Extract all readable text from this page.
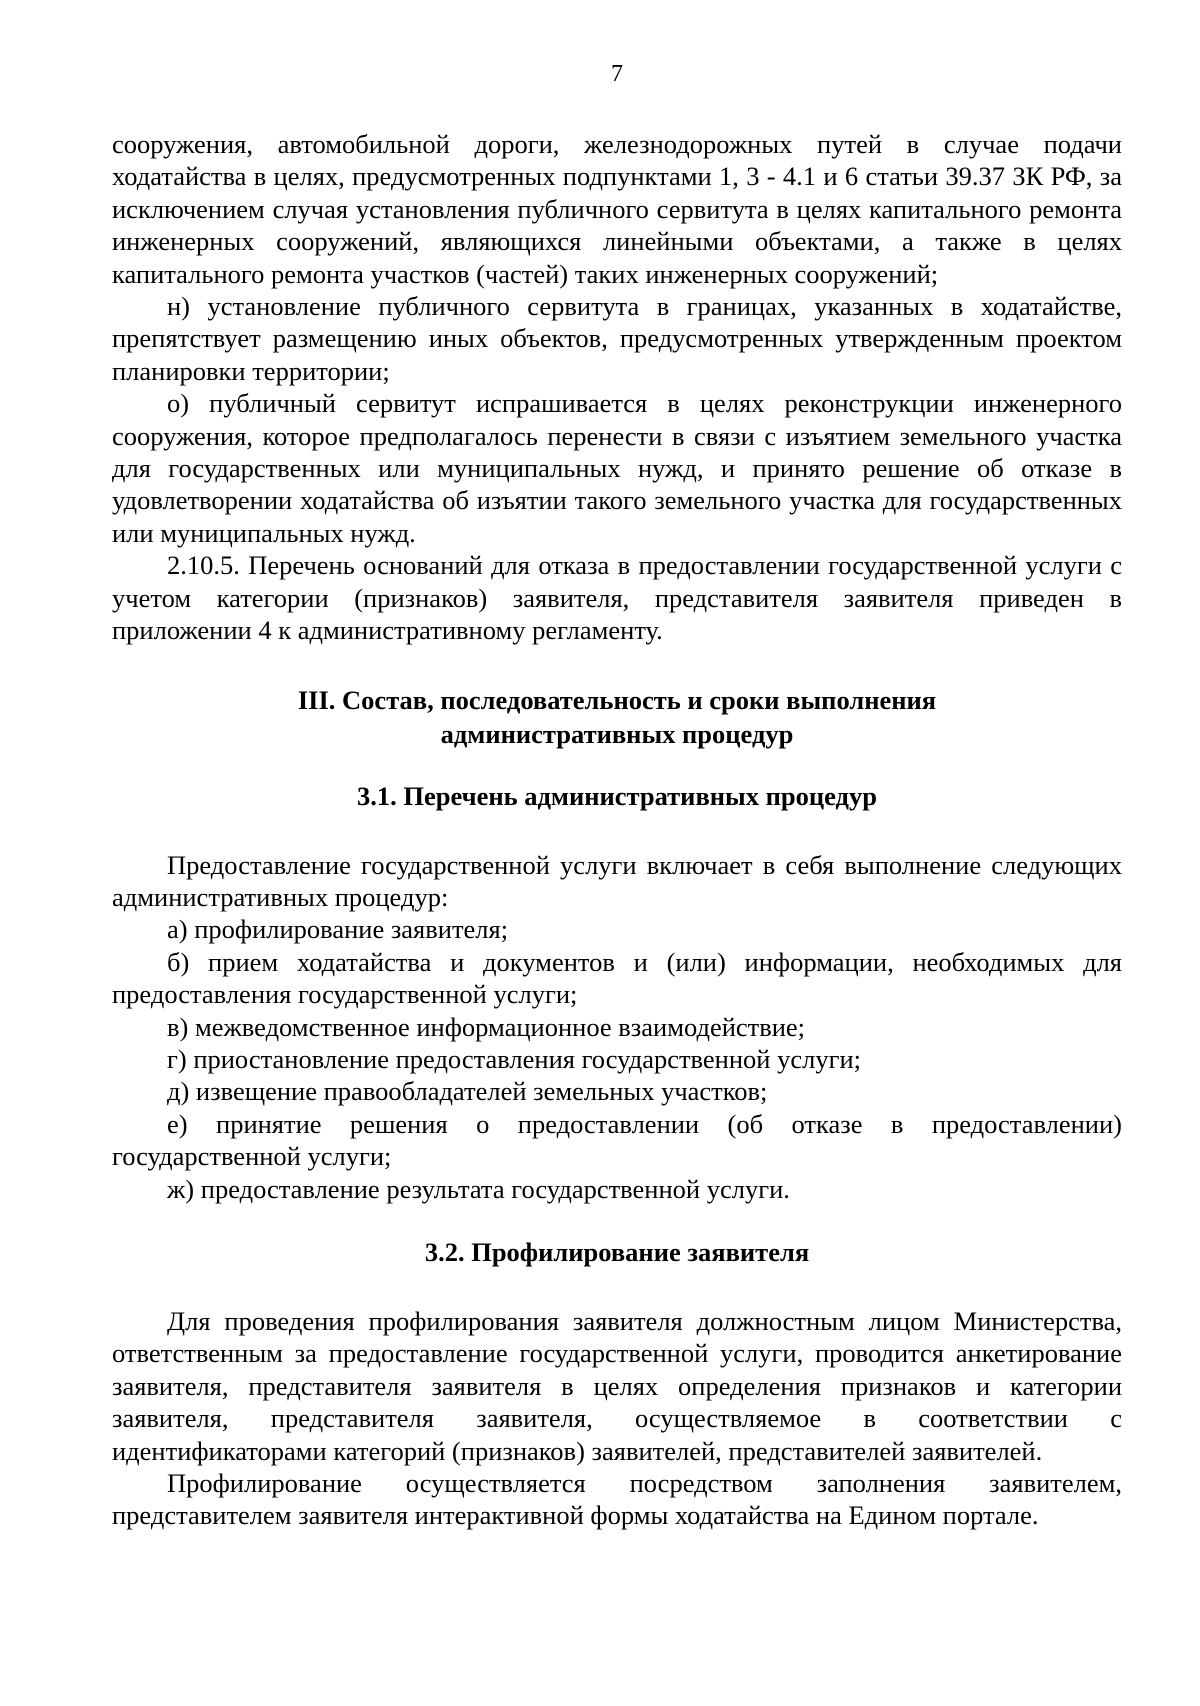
7

сооружения, автомобильной дороги, железнодорожных путей в случае подачи ходатайства в целях, предусмотренных подпунктами 1, 3 - 4.1 и 6 статьи 39.37 ЗК РФ, за исключением случая установления публичного сервитута в целях капитального ремонта инженерных сооружений, являющихся линейными объектами, а также в целях капитального ремонта участков (частей) таких инженерных сооружений;

н) установление публичного сервитута в границах, указанных в ходатайстве, препятствует размещению иных объектов, предусмотренных утвержденным проектом планировки территории;

о) публичный сервитут испрашивается в целях реконструкции инженерного сооружения, которое предполагалось перенести в связи с изъятием земельного участка для государственных или муниципальных нужд, и принято решение об отказе в удовлетворении ходатайства об изъятии такого земельного участка для государственных или муниципальных нужд.

2.10.5. Перечень оснований для отказа в предоставлении государственной услуги с учетом категории (признаков) заявителя, представителя заявителя приведен в приложении 4 к административному регламенту.

III. Состав, последовательность и сроки выполнения
административных процедур
3.1. Перечень административных процедур

Предоставление государственной услуги включает в себя выполнение следующих административных процедур:

а) профилирование заявителя;

б) прием ходатайства и документов и (или) информации, необходимых для предоставления государственной услуги;

в) межведомственное информационное взаимодействие;

г) приостановление предоставления государственной услуги;

д) извещение правообладателей земельных участков;

е) принятие решения о предоставлении (об отказе в предоставлении) государственной услуги;

ж) предоставление результата государственной услуги.

3.2. Профилирование заявителя

Для проведения профилирования заявителя должностным лицом Министерства, ответственным за предоставление государственной услуги, проводится анкетирование заявителя, представителя заявителя в целях определения признаков и категории заявителя, представителя заявителя, осуществляемое в соответствии с идентификаторами категорий (признаков) заявителей, представителей заявителей.

Профилирование осуществляется посредством заполнения заявителем, представителем заявителя интерактивной формы ходатайства на Едином портале.
